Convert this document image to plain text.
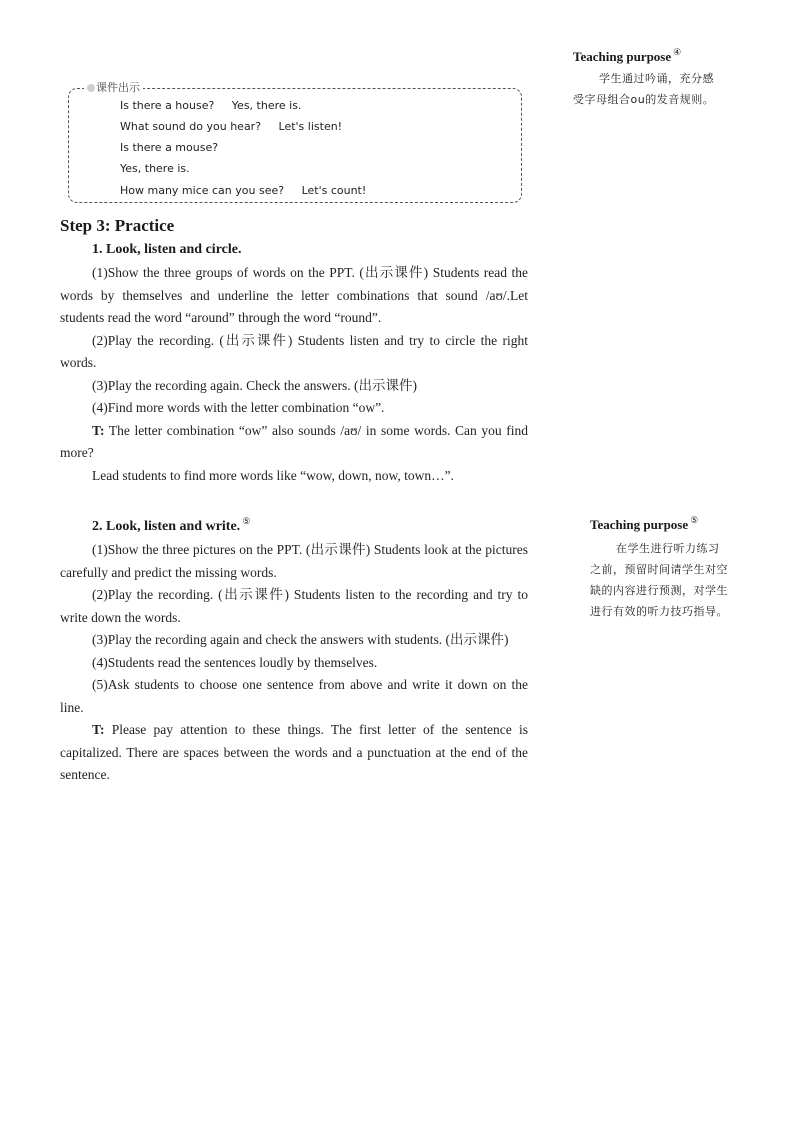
Teaching purpose ④
学生通过吟诵，充分感
受字母组合ou的发音规则。
课件出示
Is there a house?     Yes, there is.
What sound do you hear?     Let's listen!
Is there a mouse?
Yes, there is.
How many mice can you see?     Let's count!
Step 3: Practice
1. Look, listen and circle.

(1)Show the three groups of words on the PPT. (出示课件) Students read the words by themselves and underline the letter combinations that sound /aʊ/.Let students read the word “around” through the word “round”.

(2)Play the recording. (出示课件) Students listen and try to circle the right words.

(3)Play the recording again. Check the answers. (出示课件)

(4)Find more words with the letter combination “ow”.

T: The letter combination “ow” also sounds /aʊ/ in some words. Can you find more?

Lead students to find more words like “wow, down, now, town…”.

2. Look, listen and write. ⑤

(1)Show the three pictures on the PPT. (出示课件) Students look at the pictures carefully and predict the missing words.

(2)Play the recording. (出示课件) Students listen to the recording and try to write down the words.

(3)Play the recording again and check the answers with students. (出示课件)

(4)Students read the sentences loudly by themselves.

(5)Ask students to choose one sentence from above and write it down on the line.

T: Please pay attention to these things. The first letter of the sentence is capitalized. There are spaces between the words and a punctuation at the end of the sentence.

Teaching purpose ⑤
在学生进行听力练习
之前，预留时间请学生对空
缺的内容进行预测，对学生
进行有效的听力技巧指导。
